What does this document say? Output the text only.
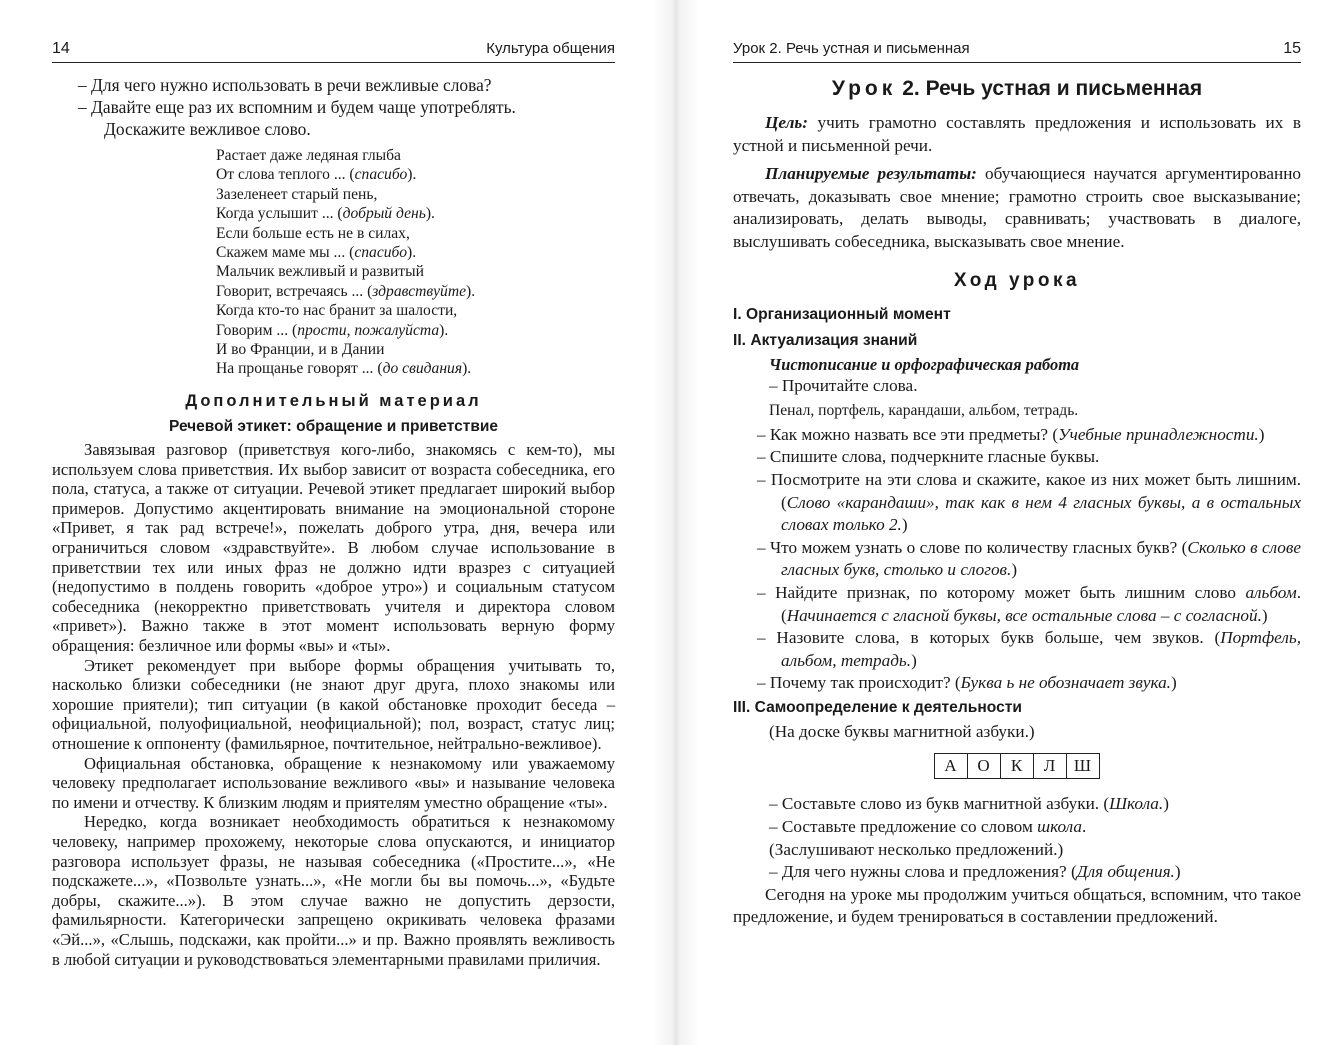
14	Культура общения

– Для чего нужно использовать в речи вежливые слова?

– Давайте еще раз их вспомним и будем чаще употреблять.

Доскажите вежливое слово.

Растает даже ледяная глыба
От слова теплого ... (спасибо).
Зазеленеет старый пень,
Когда услышит ... (добрый день).
Если больше есть не в силах,
Скажем маме мы ... (спасибо).
Мальчик вежливый и развитый
Говорит, встречаясь ... (здравствуйте).
Когда кто-то нас бранит за шалости,
Говорим ... (прости, пожалуйста).
И во Франции, и в Дании
На прощанье говорят ... (до свидания).
Дополнительный материал
Речевой этикет: обращение и приветствие

Завязывая разговор (приветствуя кого-либо, знакомясь с кем-то), мы используем слова приветствия. Их выбор зависит от возраста собеседника, его пола, статуса, а также от ситуации. Речевой этикет предлагает широкий выбор примеров. Допустимо акцентировать внимание на эмоциональной стороне «Привет, я так рад встрече!», пожелать доброго утра, дня, вечера или ограничиться словом «здравствуйте». В любом случае использование в приветствии тех или иных фраз не должно идти вразрез с ситуацией (недопустимо в полдень говорить «доброе утро») и социальным статусом собеседника (некорректно приветствовать учителя и директора словом «привет»). Важно также в этот момент использовать верную форму обращения: безличное или формы «вы» и «ты».

Этикет рекомендует при выборе формы обращения учитывать то, насколько близки собеседники (не знают друг друга, плохо знакомы или хорошие приятели); тип ситуации (в какой обстановке проходит беседа – официальной, полуофициальной, неофициальной); пол, возраст, статус лиц; отношение к оппоненту (фамильярное, почтительное, нейтрально-вежливое).

Официальная обстановка, обращение к незнакомому или уважаемому человеку предполагает использование вежливого «вы» и называние человека по имени и отчеству. К близким людям и приятелям уместно обращение «ты».

Нередко, когда возникает необходимость обратиться к незнакомому человеку, например прохожему, некоторые слова опускаются, и инициатор разговора использует фразы, не называя собеседника («Простите...», «Не подскажете...», «Позвольте узнать...», «Не могли бы вы помочь...», «Будьте добры, скажите...»). В этом случае важно не допустить дерзости, фамильярности. Категорически запрещено окрикивать человека фразами «Эй...», «Слышь, подскажи, как пройти...» и пр. Важно проявлять вежливость в любой ситуации и руководствоваться элементарными правилами приличия.

Урок 2. Речь устная и письменная	15
Урок 2. Речь устная и письменная

Цель: учить грамотно составлять предложения и использовать их в устной и письменной речи.

Планируемые результаты: обучающиеся научатся аргументированно отвечать, доказывать свое мнение; грамотно строить свое высказывание; анализировать, делать выводы, сравнивать; участвовать в диалоге, выслушивать собеседника, высказывать свое мнение.

Ход урока
I. Организационный момент
II. Актуализация знаний
Чистописание и орфографическая работа

– Прочитайте слова.

Пенал, портфель, карандаши, альбом, тетрадь.

– Как можно назвать все эти предметы? (Учебные принадлежности.)

– Спишите слова, подчеркните гласные буквы.

– Посмотрите на эти слова и скажите, какое из них может быть лишним. (Слово «карандаши», так как в нем 4 гласных буквы, а в остальных словах только 2.)

– Что можем узнать о слове по количеству гласных букв? (Сколько в слове гласных букв, столько и слогов.)

– Найдите признак, по которому может быть лишним слово альбом. (Начинается с гласной буквы, все остальные слова – с согласной.)

– Назовите слова, в которых букв больше, чем звуков. (Портфель, альбом, тетрадь.)

– Почему так происходит? (Буква ь не обозначает звука.)

III. Самоопределение к деятельности

(На доске буквы магнитной азбуки.)

А	О	К	Л	Ш

– Составьте слово из букв магнитной азбуки. (Школа.)

– Составьте предложение со словом школа.

(Заслушивают несколько предложений.)

– Для чего нужны слова и предложения? (Для общения.)

Сегодня на уроке мы продолжим учиться общаться, вспомним, что такое предложение, и будем тренироваться в составлении предложений.
